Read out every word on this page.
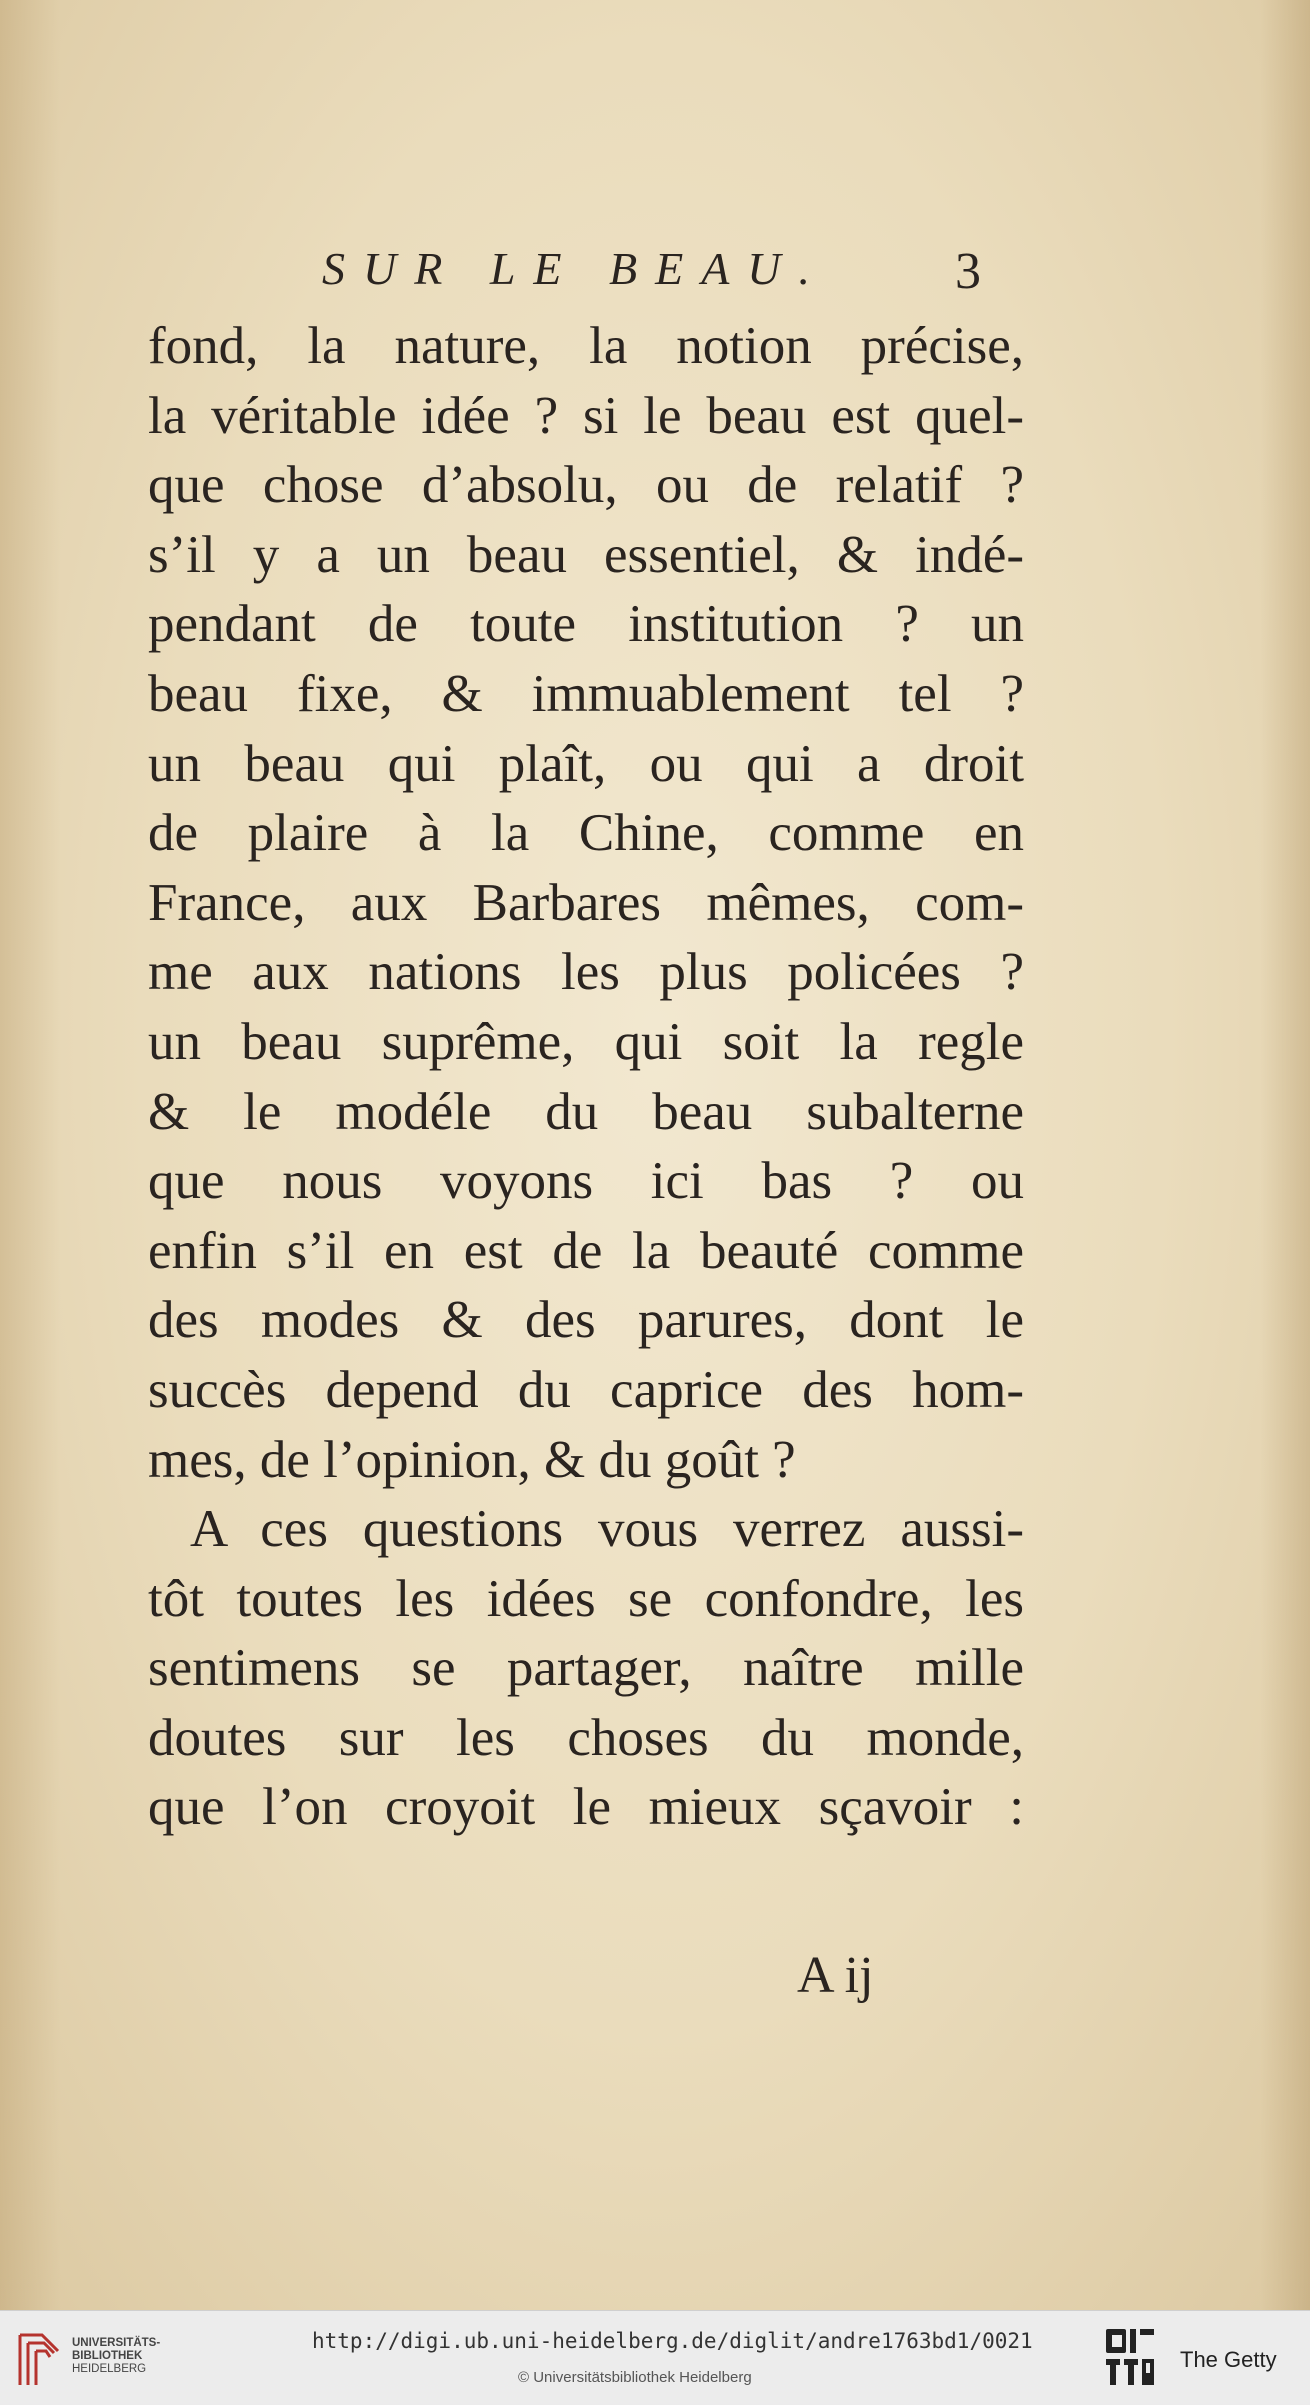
SUR LE BEAU. 3
fond, la nature, la notion précise,
la véritable idée ? si le beau est quel-
que chose d’absolu, ou de relatif ?
s’il y a un beau essentiel, & indé-
pendant de toute institution ? un
beau fixe, & immuablement tel ?
un beau qui plaît, ou qui a droit
de plaire à la Chine, comme en
France, aux Barbares mêmes, com-
me aux nations les plus policées ?
un beau suprême, qui soit la regle
& le modéle du beau subalterne
que nous voyons ici bas ? ou
enfin s’il en est de la beauté comme
des modes & des parures, dont le
succès depend du caprice des hom-
mes, de l’opinion, & du goût ?
A ces questions vous verrez aussi-
tôt toutes les idées se confondre, les
sentimens se partager, naître mille
doutes sur les choses du monde,
que l’on croyoit le mieux sçavoir :
A ij
UNIVERSITÄTS-
BIBLIOTHEK
HEIDELBERG
http://digi.ub.uni-heidelberg.de/diglit/andre1763bd1/0021
© Universitätsbibliothek Heidelberg
The Getty
